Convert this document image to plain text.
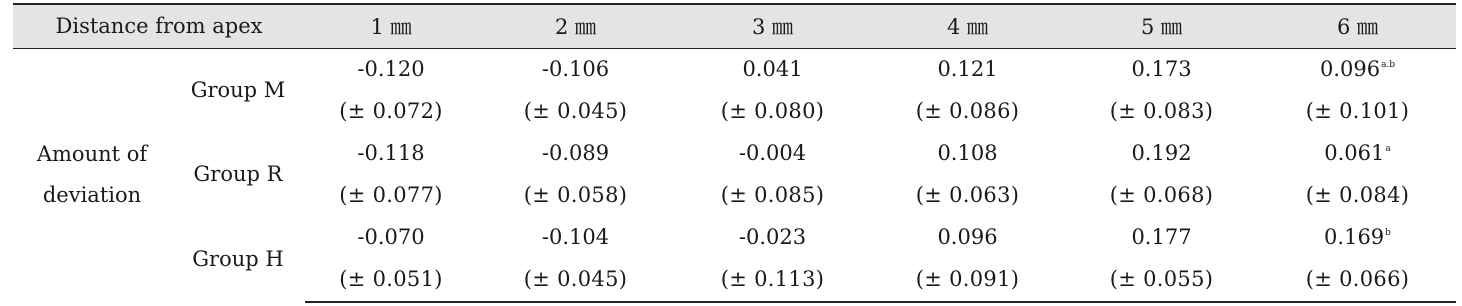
Distance from apex		1 ㎜	2 ㎜	3 ㎜	4 ㎜	5 ㎜	6 ㎜
Amount of
deviation	Group M	-0.120	-0.106	0.041	0.121	0.173	$0.096^{a.b}$
		(± 0.072)	(± 0.045)	(± 0.080)	(± 0.086)	(± 0.083)	(± 0.101)
	Group R	-0.118	-0.089	-0.004	0.108	0.192	0.061$^a$
		(± 0.077)	(± 0.058)	(± 0.085)	(± 0.063)	(± 0.068)	(± 0.084)
	Group H	-0.070	-0.104	-0.023	0.096	0.177	0.169$^b$
		(± 0.051)	(± 0.045)	(± 0.113)	(± 0.091)	(± 0.055)	(± 0.066)
